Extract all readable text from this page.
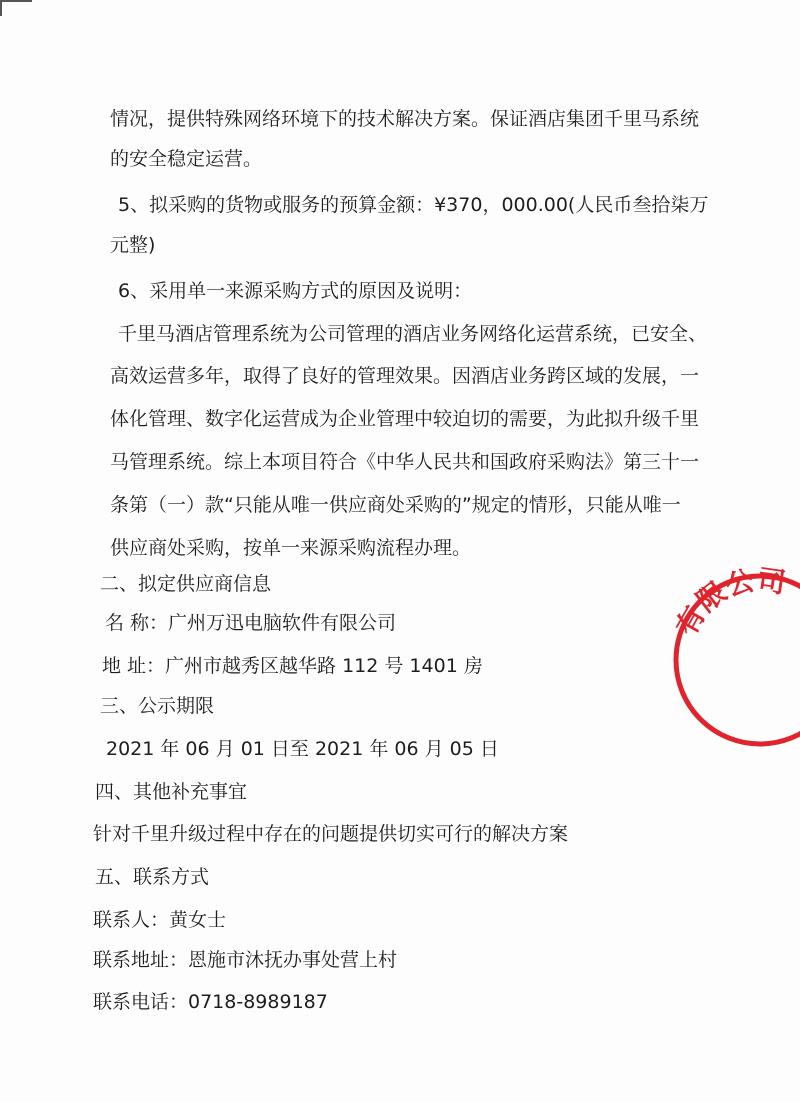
情况，提供特殊网络环境下的技术解决方案。保证酒店集团千里马系统
的安全稳定运营。
5、拟采购的货物或服务的预算金额：¥370，000.00(人民币叁拾柒万
元整)
6、采用单一来源采购方式的原因及说明：
千里马酒店管理系统为公司管理的酒店业务网络化运营系统，已安全、
高效运营多年，取得了良好的管理效果。因酒店业务跨区域的发展，一
体化管理、数字化运营成为企业管理中较迫切的需要，为此拟升级千里
马管理系统。综上本项目符合《中华人民共和国政府采购法》第三十一
条第（一）款“只能从唯一供应商处采购的”规定的情形，只能从唯一
供应商处采购，按单一来源采购流程办理。
二、拟定供应商信息
名 称：广州万迅电脑软件有限公司
地 址：广州市越秀区越华路 112 号 1401 房
三、公示期限
2021 年 06 月 01 日至 2021 年 06 月 05 日
四、其他补充事宜
针对千里升级过程中存在的问题提供切实可行的解决方案
五、联系方式
联系人：黄女士
联系地址：恩施市沐抚办事处营上村
联系电话：0718-8989187
有限公司
